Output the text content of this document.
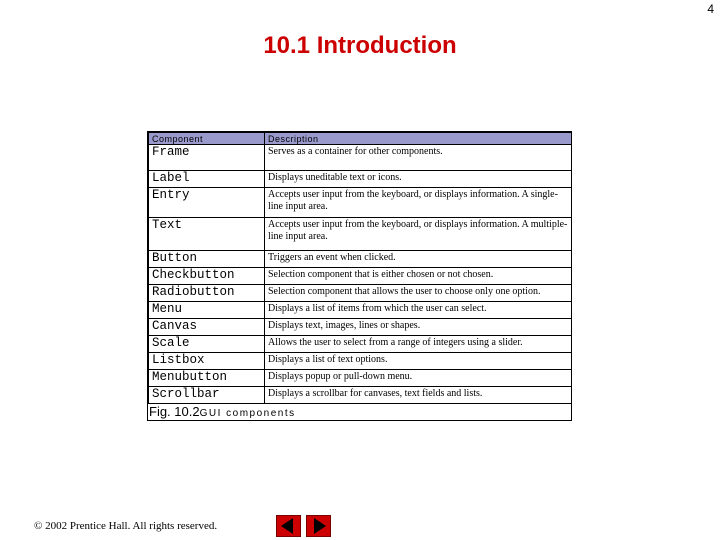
4
10.1 Introduction
Component	Description
Frame	Serves as a container for other components.
Label	Displays uneditable text or icons.
Entry	Accepts user input from the keyboard, or displays information. A single-line input area.
Text	Accepts user input from the keyboard, or displays information. A multiple-line input area.
Button	Triggers an event when clicked.
Checkbutton	Selection component that is either chosen or not chosen.
Radiobutton	Selection component that allows the user to choose only one option.
Menu	Displays a list of items from which the user can select.
Canvas	Displays text, images, lines or shapes.
Scale	Allows the user to select from a range of integers using a slider.
Listbox	Displays a list of text options.
Menubutton	Displays popup or pull-down menu.
Scrollbar	Displays a scrollbar for canvases, text fields and lists.
Fig. 10.2GUI components
© 2002 Prentice Hall. All rights reserved.
